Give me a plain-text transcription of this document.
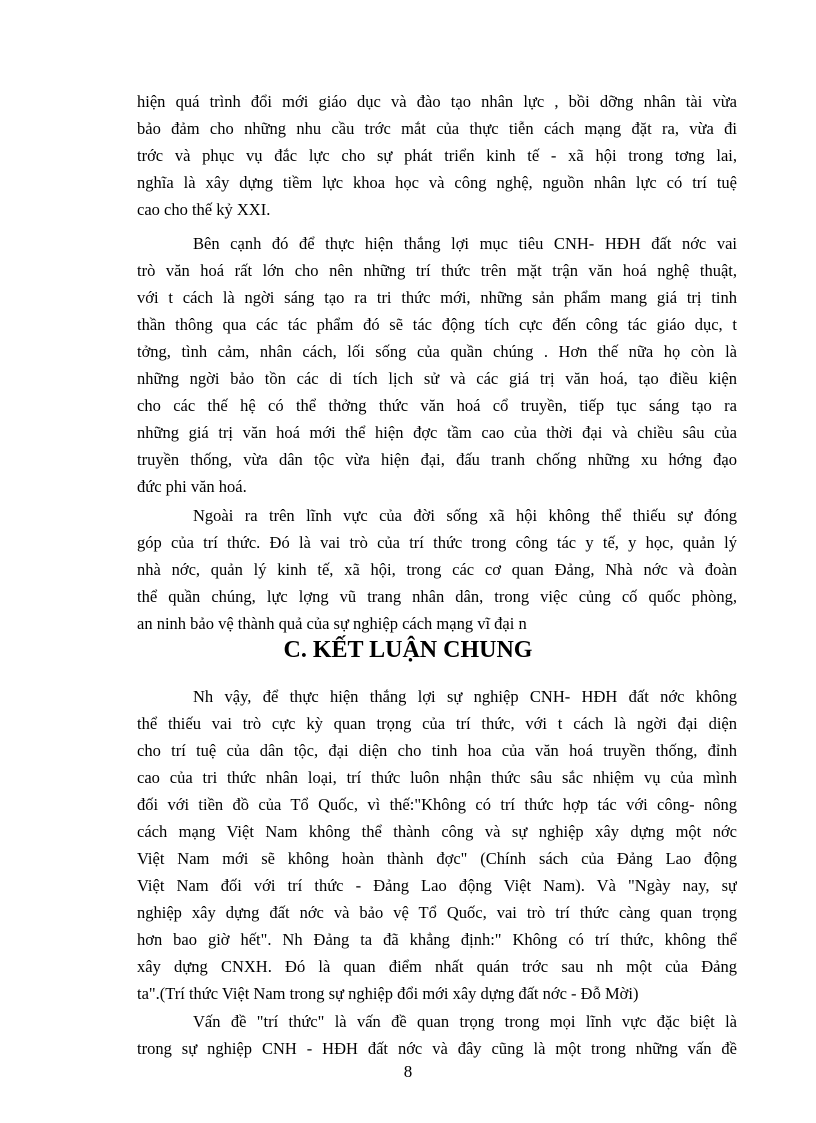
hiện quá trình đổi mới giáo dục và đào tạo nhân lực , bồi dỡng nhân tài vừa
bảo đảm cho những nhu cầu trớc mắt của thực tiễn cách mạng đặt ra, vừa đi
trớc và phục vụ đắc lực cho sự phát triển kinh tế - xã hội trong tơng lai,
nghĩa là xây dựng tiềm lực khoa học và công nghệ, nguồn nhân lực có trí tuệ
cao cho thế kỷ XXI.
Bên cạnh đó để thực hiện thắng lợi mục tiêu CNH- HĐH đất nớc vai
trò văn hoá rất lớn cho nên những trí thức trên mặt trận văn hoá nghệ thuật,
với t cách là ngời sáng tạo ra tri thức mới, những sản phẩm mang giá trị tinh
thần thông qua các tác phẩm đó sẽ tác động tích cực đến công tác giáo dục, t
tởng, tình cảm, nhân cách, lối sống của quần chúng . Hơn thế nữa họ còn là
những ngời bảo tồn các di tích lịch sử và các giá trị văn hoá, tạo điều kiện
cho các thế hệ có thể thởng thức văn hoá cổ truyền, tiếp tục sáng tạo ra
những giá trị văn hoá mới thể hiện đợc tầm cao của thời đại và chiều sâu của
truyền thống, vừa dân tộc vừa hiện đại, đấu tranh chống những xu hớng đạo
đức phi văn hoá.
Ngoài ra trên lĩnh vực của đời sống xã hội không thể thiếu sự đóng
góp của trí thức. Đó là vai trò của trí thức trong công tác y tế, y học, quản lý
nhà nớc, quản lý kinh tế, xã hội, trong các cơ quan Đảng, Nhà nớc và đoàn
thể quần chúng, lực lợng vũ trang nhân dân, trong việc củng cố quốc phòng,
an ninh bảo vệ thành quả của sự nghiệp cách mạng vĩ đại n
C. KẾT LUẬN CHUNG
Nh vậy, để thực hiện thắng lợi sự nghiệp CNH- HĐH đất nớc không
thể thiếu vai trò cực kỳ quan trọng của trí thức, với t cách là ngời đại diện
cho trí tuệ của dân tộc, đại diện cho tinh hoa của văn hoá truyền thống, đỉnh
cao của tri thức nhân loại, trí thức luôn nhận thức sâu sắc nhiệm vụ của mình
đối với tiền đồ của Tổ Quốc, vì thế:"Không có trí thức hợp tác với công- nông
cách mạng Việt Nam không thể thành công và sự nghiệp xây dựng một nớc
Việt Nam mới sẽ không hoàn thành đợc" (Chính sách của Đảng Lao động
Việt Nam đối với trí thức - Đảng Lao động Việt Nam). Và "Ngày nay, sự
nghiệp xây dựng đất nớc và bảo vệ Tổ Quốc, vai trò trí thức càng quan trọng
hơn bao giờ hết". Nh Đảng ta đã khẳng định:" Không có trí thức, không thể
xây dựng CNXH. Đó là quan điểm nhất quán trớc sau nh một của Đảng
ta".(Trí thức Việt Nam trong sự nghiệp đổi mới xây dựng đất nớc - Đỗ Mời)
Vấn đề "trí thức" là vấn đề quan trọng trong mọi lĩnh vực đặc biệt là
trong sự nghiệp CNH - HĐH đất nớc và đây cũng là một trong những vấn đề
8
